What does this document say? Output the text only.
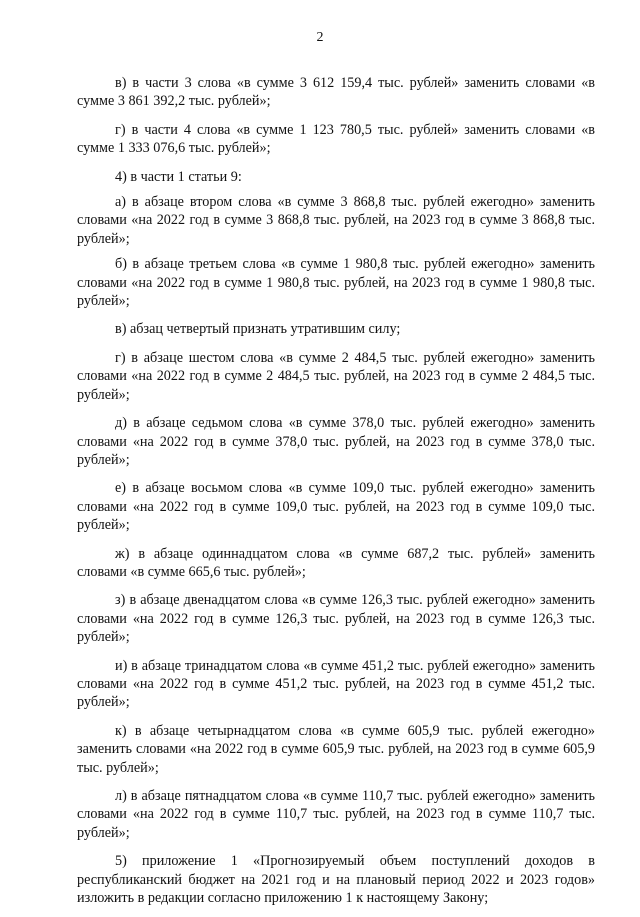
2

в) в части 3 слова «в сумме 3 612 159,4 тыс. рублей» заменить словами «в сумме 3 861 392,2 тыс. рублей»;

г) в части 4 слова «в сумме 1 123 780,5 тыс. рублей» заменить словами «в сумме 1 333 076,6 тыс. рублей»;

4) в части 1 статьи 9:

а) в абзаце втором слова «в сумме 3 868,8 тыс. рублей ежегодно» заменить словами «на 2022 год в сумме 3 868,8 тыс. рублей, на 2023 год в сумме 3 868,8 тыс. рублей»;

б) в абзаце третьем слова «в сумме 1 980,8 тыс. рублей ежегодно» заменить словами «на 2022 год в сумме 1 980,8 тыс. рублей, на 2023 год в сумме 1 980,8 тыс. рублей»;

в) абзац четвертый признать утратившим силу;

г) в абзаце шестом слова «в сумме 2 484,5 тыс. рублей ежегодно» заменить словами «на 2022 год в сумме 2 484,5 тыс. рублей, на 2023 год в сумме 2 484,5 тыс. рублей»;

д) в абзаце седьмом слова «в сумме 378,0 тыс. рублей ежегодно» заменить словами «на 2022 год в сумме 378,0 тыс. рублей, на 2023 год в сумме 378,0 тыс. рублей»;

е) в абзаце восьмом слова «в сумме 109,0 тыс. рублей ежегодно» заменить словами «на 2022 год в сумме 109,0 тыс. рублей, на 2023 год в сумме 109,0 тыс. рублей»;

ж) в абзаце одиннадцатом слова «в сумме 687,2 тыс. рублей» заменить словами «в сумме 665,6 тыс. рублей»;

з) в абзаце двенадцатом слова «в сумме 126,3 тыс. рублей ежегодно» заменить словами «на 2022 год в сумме 126,3 тыс. рублей, на 2023 год в сумме 126,3 тыс. рублей»;

и) в абзаце тринадцатом слова «в сумме 451,2 тыс. рублей ежегодно» заменить словами «на 2022 год в сумме 451,2 тыс. рублей, на 2023 год в сумме 451,2 тыс. рублей»;

к) в абзаце четырнадцатом слова «в сумме 605,9 тыс. рублей ежегодно» заменить словами «на 2022 год в сумме 605,9 тыс. рублей, на 2023 год в сумме 605,9 тыс. рублей»;

л) в абзаце пятнадцатом слова «в сумме 110,7 тыс. рублей ежегодно» заменить словами «на 2022 год в сумме 110,7 тыс. рублей, на 2023 год в сумме 110,7 тыс. рублей»;

5) приложение 1 «Прогнозируемый объем поступлений доходов в республиканский бюджет на 2021 год и на плановый период 2022 и 2023 годов» изложить в редакции согласно приложению 1 к настоящему Закону;
